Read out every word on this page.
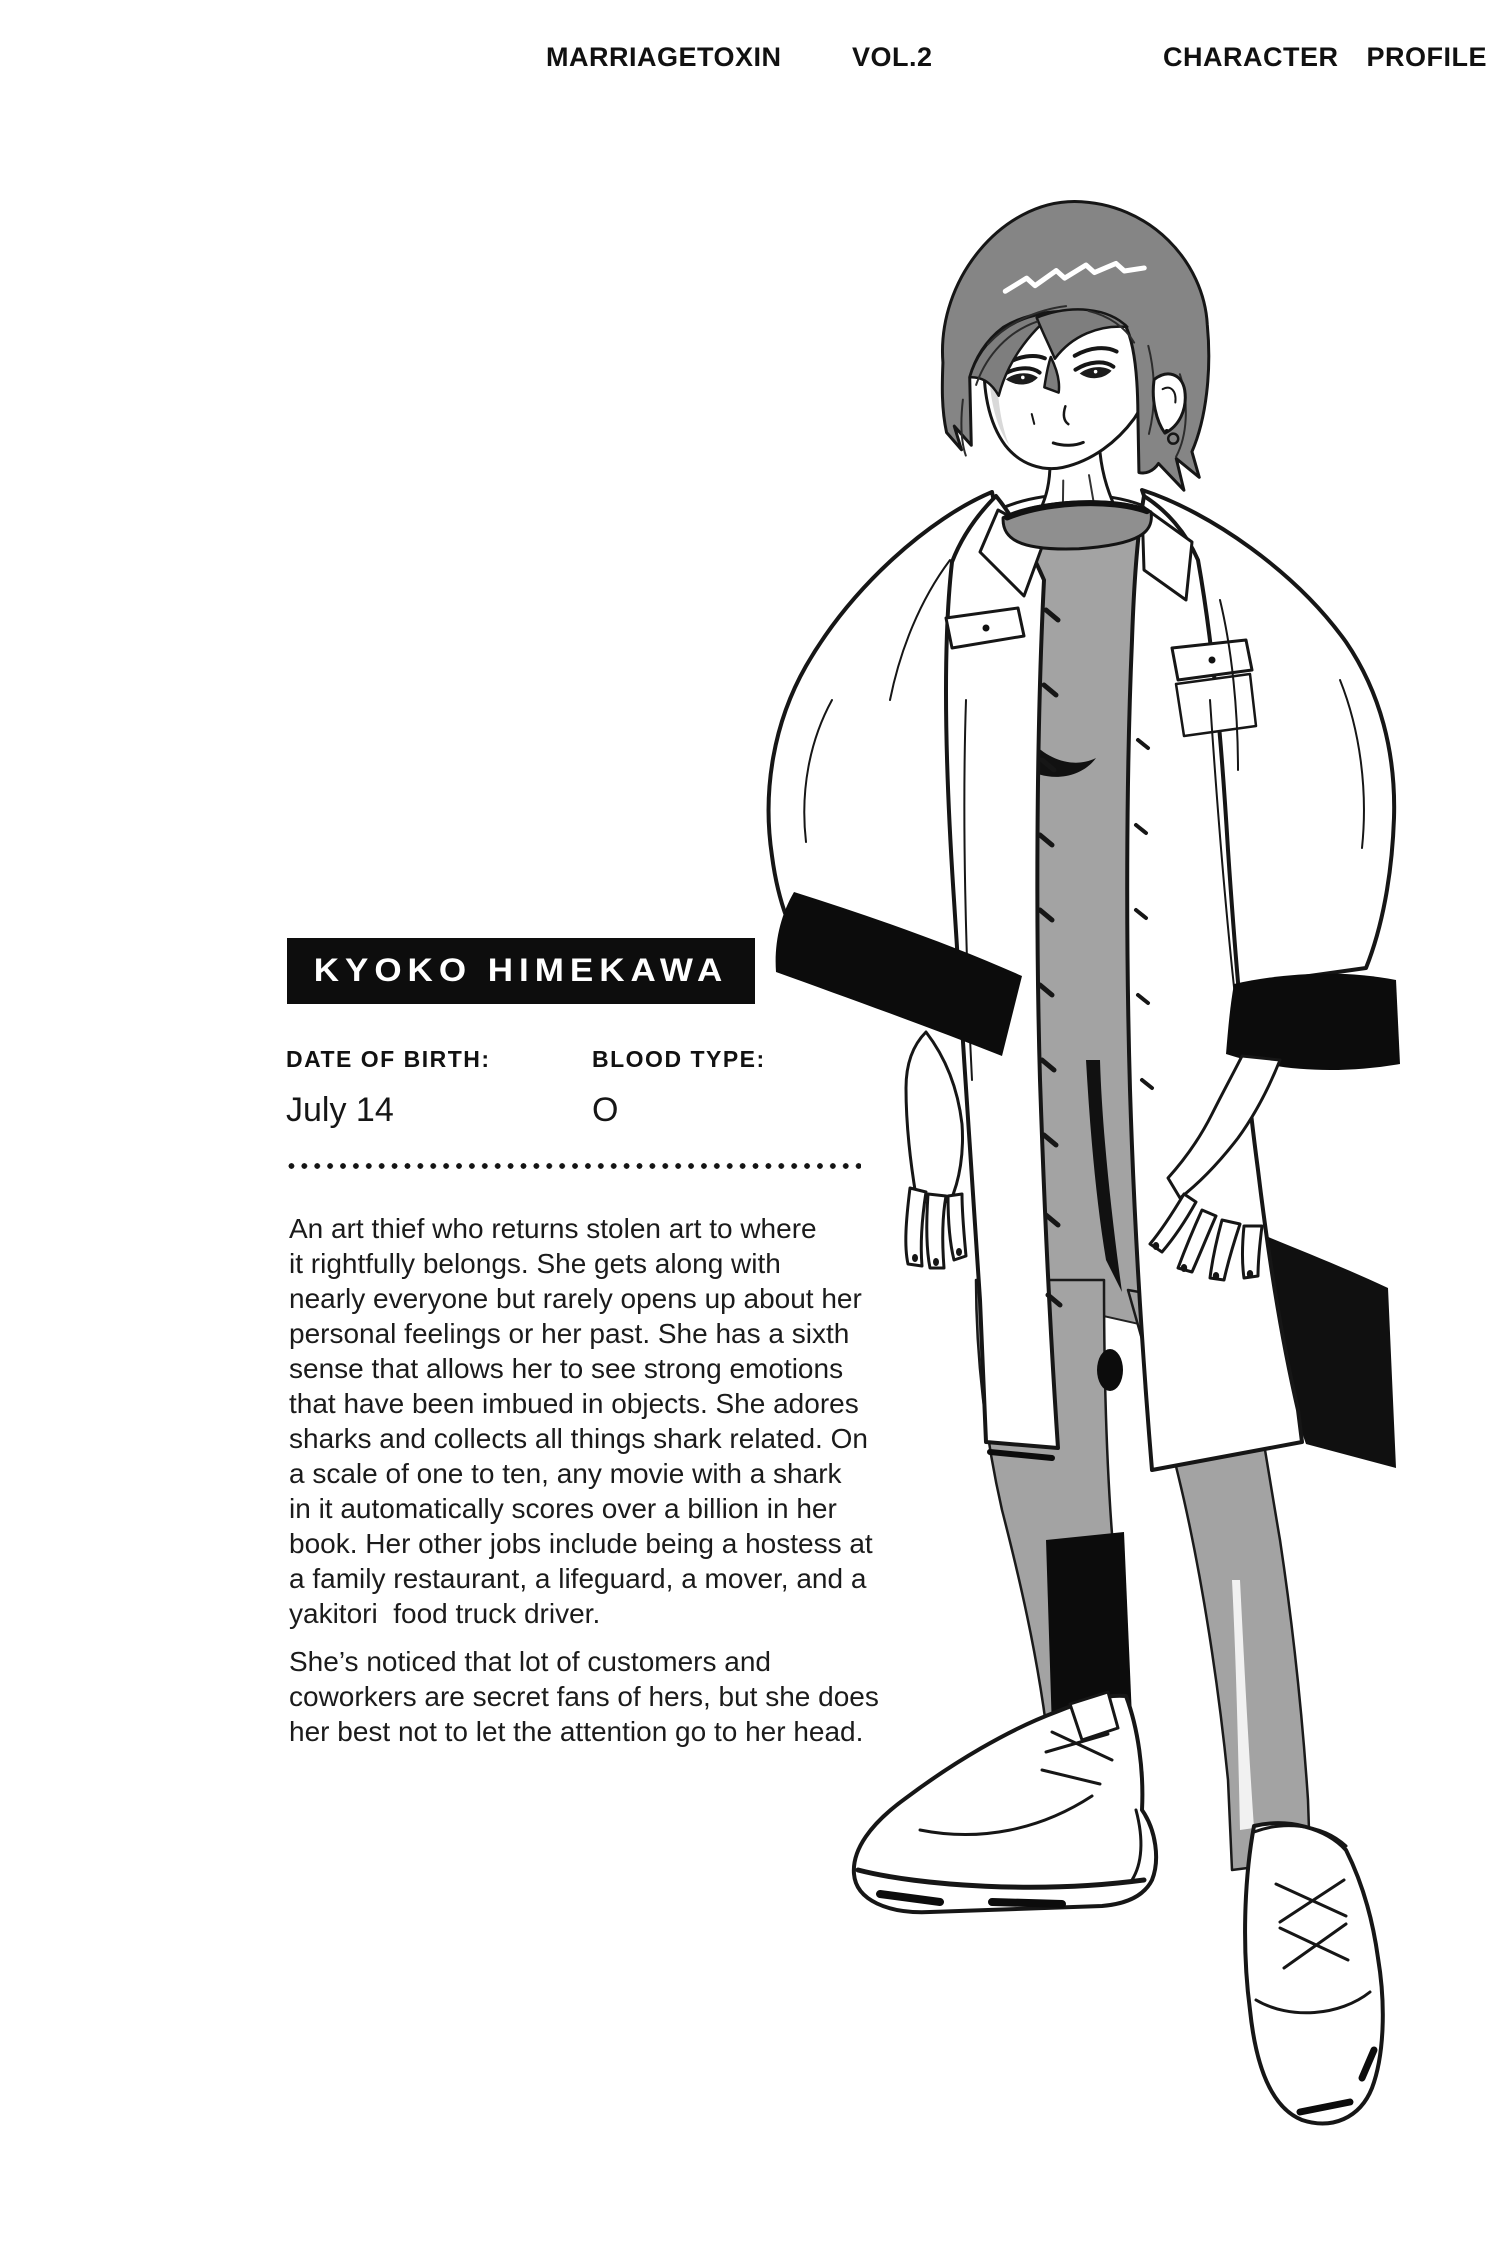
MARRIAGETOXIN	VOL.2	CHARACTER  PROFILE
KYOKO HIMEKAWA
DATE OF BIRTH:
July 14
BLOOD TYPE:
O
An art thief who returns stolen art to where
it rightfully belongs. She gets along with
nearly everyone but rarely opens up about her
personal feelings or her past. She has a sixth
sense that allows her to see strong emotions
that have been imbued in objects. She adores
sharks and collects all things shark related. On
a scale of one to ten, any movie with a shark
in it automatically scores over a billion in her
book. Her other jobs include being a hostess at
a family restaurant, a lifeguard, a mover, and a
yakitori  food truck driver.
She’s noticed that lot of customers and
coworkers are secret fans of hers, but she does
her best not to let the attention go to her head.
